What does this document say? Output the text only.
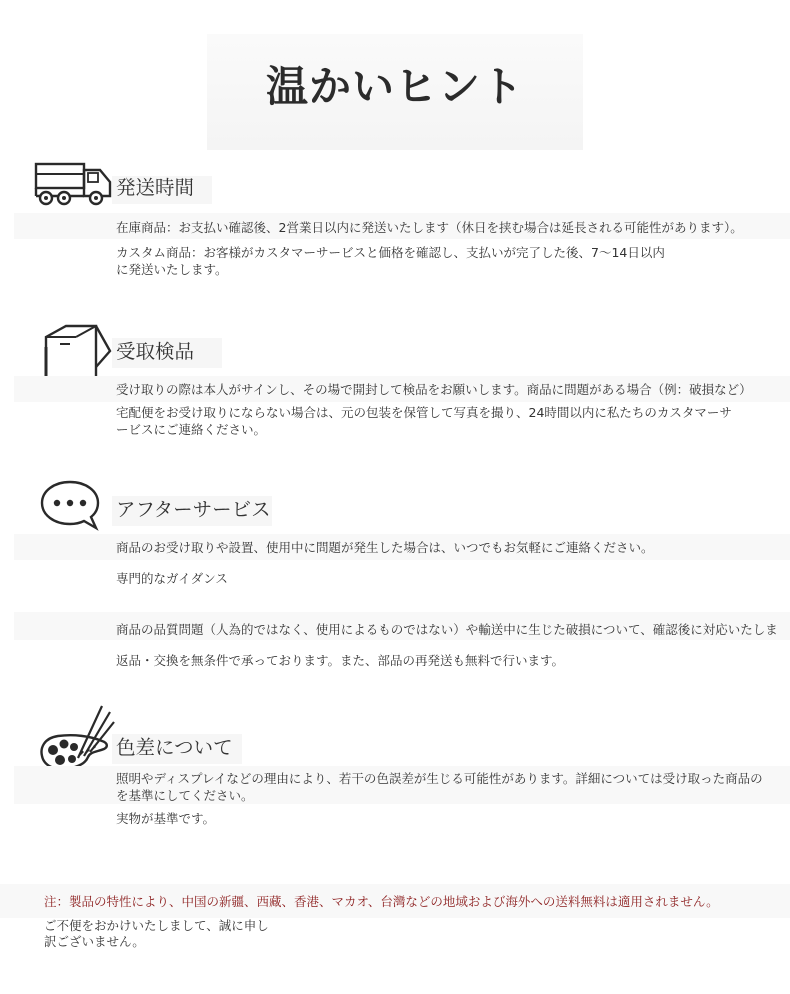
温かいヒント
発送時間

在庫商品：お支払い確認後、2営業日以内に発送いたします（休日を挟む場合は延長される可能性があります）。

カスタム商品：お客様がカスタマーサービスと価格を確認し、支払いが完了した後、7〜14日以内
に発送いたします。

受取検品

受け取りの際は本人がサインし、その場で開封して検品をお願いします。商品に問題がある場合（例：破損など）

宅配便をお受け取りにならない場合は、元の包装を保管して写真を撮り、24時間以内に私たちのカスタマーサ
ービスにご連絡ください。

アフターサービス

商品のお受け取りや設置、使用中に問題が発生した場合は、いつでもお気軽にご連絡ください。

専門的なガイダンス

商品の品質問題（人為的ではなく、使用によるものではない）や輸送中に生じた破損について、確認後に対応いたしま

返品・交換を無条件で承っております。また、部品の再発送も無料で行います。

色差について

照明やディスプレイなどの理由により、若干の色誤差が生じる可能性があります。詳細については受け取った商品の
を基準にしてください。

実物が基準です。

注：製品の特性により、中国の新疆、西藏、香港、マカオ、台灣などの地域および海外への送料無料は適用されません。

ご不便をおかけいたしまして、誠に申し
訳ございません。
